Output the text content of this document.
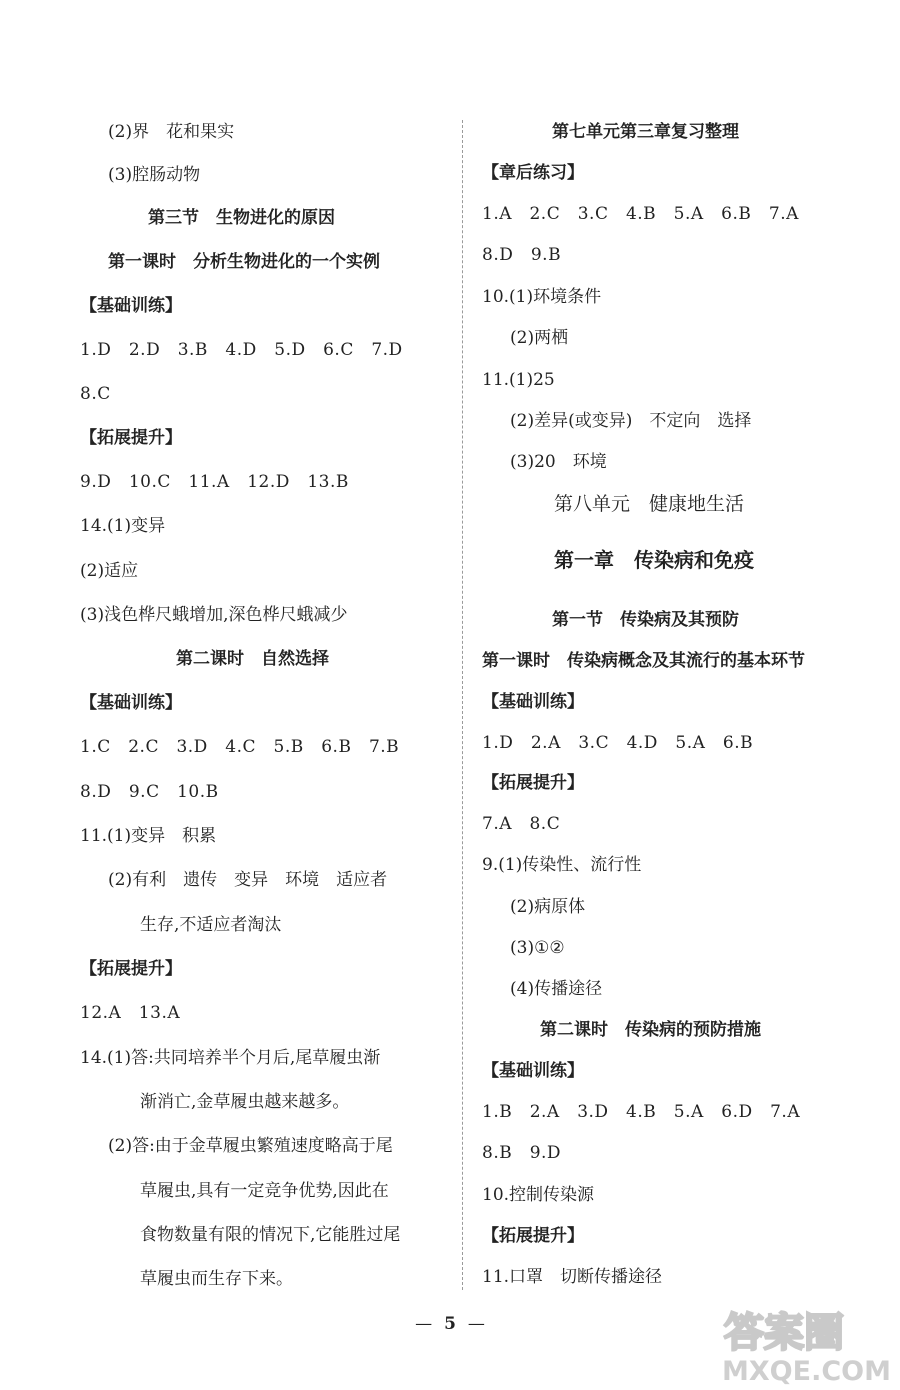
(2)界　花和果实
(3)腔肠动物
第三节　生物进化的原因
第一课时　分析生物进化的一个实例
【基础训练】
1.D　2.D　3.B　4.D　5.D　6.C　7.D
8.C
【拓展提升】
9.D　10.C　11.A　12.D　13.B
14.(1)变异
(2)适应
(3)浅色桦尺蛾增加,深色桦尺蛾减少
第二课时　自然选择
【基础训练】
1.C　2.C　3.D　4.C　5.B　6.B　7.B
8.D　9.C　10.B
11.(1)变异　积累
(2)有利　遗传　变异　环境　适应者
生存,不适应者淘汰
【拓展提升】
12.A　13.A
14.(1)答:共同培养半个月后,尾草履虫渐
渐消亡,金草履虫越来越多。
(2)答:由于金草履虫繁殖速度略高于尾
草履虫,具有一定竞争优势,因此在
食物数量有限的情况下,它能胜过尾
草履虫而生存下来。
第七单元第三章复习整理
【章后练习】
1.A　2.C　3.C　4.B　5.A　6.B　7.A
8.D　9.B
10.(1)环境条件
(2)两栖
11.(1)25
(2)差异(或变异)　不定向　选择
(3)20　环境
第八单元　健康地生活
第一章　传染病和免疫
第一节　传染病及其预防
第一课时　传染病概念及其流行的基本环节
【基础训练】
1.D　2.A　3.C　4.D　5.A　6.B
【拓展提升】
7.A　8.C
9.(1)传染性、流行性
(2)病原体
(3)①②
(4)传播途径
第二课时　传染病的预防措施
【基础训练】
1.B　2.A　3.D　4.B　5.A　6.D　7.A
8.B　9.D
10.控制传染源
【拓展提升】
11.口罩　切断传播途径
— 5 —	答案圈
MXQE.COM
